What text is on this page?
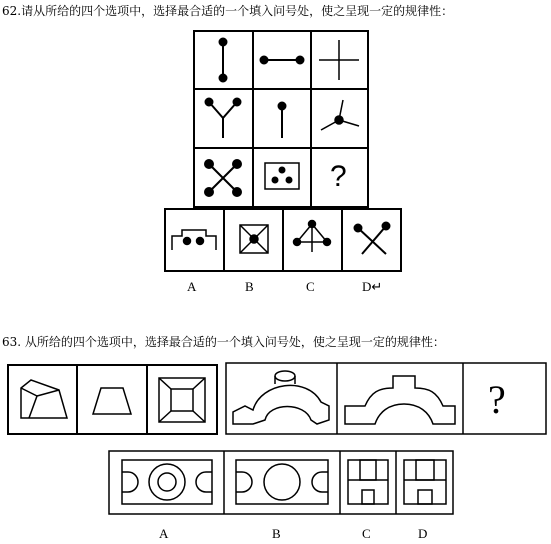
62.请从所给的四个选项中，选择最合适的一个填入问号处，使之呈现一定的规律性：
?
A	B	C	D↵
63. 从所给的四个选项中，选择最合适的一个填入问号处，使之呈现一定的规律性：
?
A	B	C	D
